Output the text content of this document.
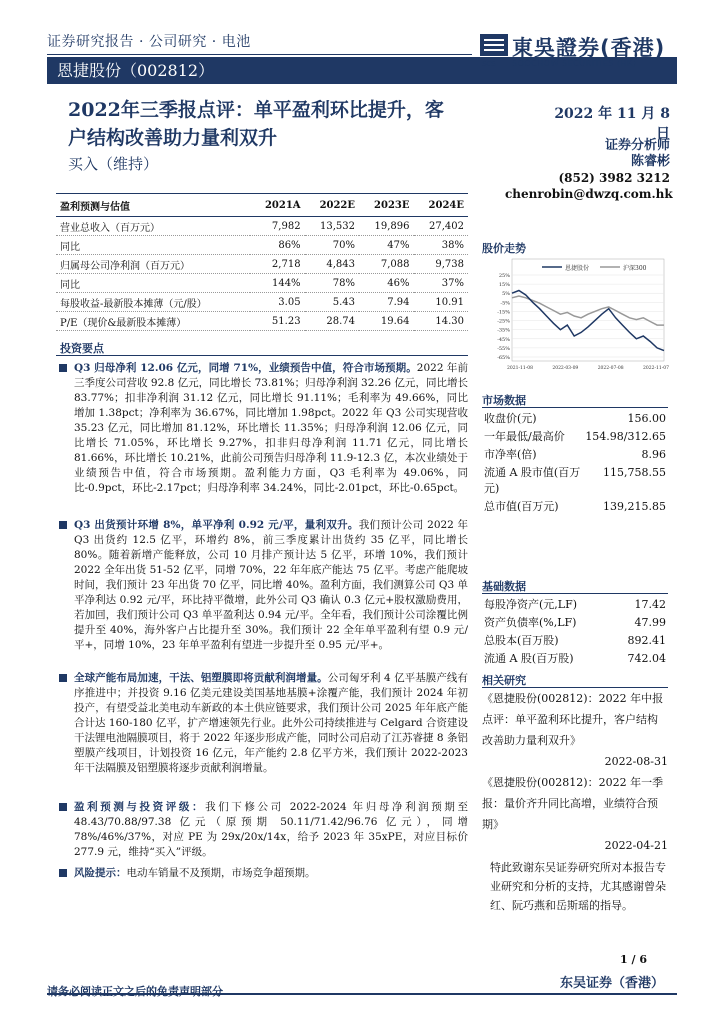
证券研究报告 · 公司研究 · 电池
恩捷股份（002812）	SCS
東吳證券(香港)
SOOCHOW SECURITIES (HK)
2022年三季报点评：单平盈利环比提升，客
户结构改善助力量利双升
买入（维持）
2022 年 11 月 8 日
证券分析师
陈睿彬
(852) 3982 3212
chenrobin@dwzq.com.hk
盈利预测与估值	2021A	2022E	2023E	2024E
营业总收入（百万元）	7,982	13,532	19,896	27,402
同比	86%	70%	47%	38%
归属母公司净利润（百万元）	2,718	4,843	7,088	9,738
同比	144%	78%	46%	37%
每股收益-最新股本摊薄（元/股）	3.05	5.43	7.94	10.91
P/E（现价&最新股本摊薄）	51.23	28.74	19.64	14.30
股价走势
25%
15%
5%
-5%
-15%
-25%
-35%
-45%
-55%
-65%
2021-11-08	2022-03-09	2022-07-08	2022-11-07
恩捷股份	沪深300
市场数据
收盘价(元)	156.00
一年最低/最高价	154.98/312.65
市净率(倍)	8.96
流通 A 股市值(百万元)	115,758.55
总市值(百万元)	139,215.85
基础数据
每股净资产(元,LF)	17.42
资产负债率(%,LF)	47.99
总股本(百万股)	892.41
流通 A 股(百万股)	742.04
相关研究
《恩捷股份(002812)：2022 年中报点评：单平盈利环比提升，客户结构改善助力量利双升》
2022-08-31
《恩捷股份(002812)：2022 年一季报：量价齐升同比高增，业绩符合预期》
2022-04-21
特此致谢东吴证券研究所对本报告专业研究和分析的支持，尤其感谢曾朵红、阮巧燕和岳斯瑶的指导。
投资要点
Q3 归母净利 12.06 亿元，同增 71%，业绩预告中值，符合市场预期。2022 年前三季度公司营收 92.8 亿元，同比增长 73.81%；归母净利润 32.26 亿元，同比增长 83.77%；扣非净利润 31.12 亿元，同比增长 91.11%；毛利率为 49.66%，同比增加 1.38pct；净利率为 36.67%，同比增加 1.98pct。2022 年 Q3 公司实现营收 35.23 亿元，同比增加 81.12%，环比增长 11.35%；归母净利润 12.06 亿元，同比增长 71.05%，环比增长 9.27%，扣非归母净利润 11.71 亿元，同比增长 81.66%，环比增长 10.21%，此前公司预告归母净利 11.9-12.3 亿，本次业绩处于业绩预告中值，符合市场预期。盈利能力方面，Q3 毛利率为 49.06%，同比-0.9pct，环比-2.17pct；归母净利率 34.24%，同比-2.01pct，环比-0.65pct。
Q3 出货预计环增 8%，单平净利 0.92 元/平，量利双升。我们预计公司 2022 年 Q3 出货约 12.5 亿平，环增约 8%，前三季度累计出货约 35 亿平，同比增长 80%。随着新增产能释放，公司 10 月排产预计达 5 亿平，环增 10%，我们预计 2022 全年出货 51-52 亿平，同增 70%，22 年年底产能达 75 亿平。考虑产能爬坡时间，我们预计 23 年出货 70 亿平，同比增 40%。盈利方面，我们测算公司 Q3 单平净利达 0.92 元/平，环比持平微增，此外公司 Q3 确认 0.3 亿元+股权激励费用，若加回，我们预计公司 Q3 单平盈利达 0.94 元/平。全年看，我们预计公司涂覆比例提升至 40%，海外客户占比提升至 30%。我们预计 22 全年单平盈利有望 0.9 元/平+，同增 10%，23 年单平盈利有望进一步提升至 0.95 元/平+。
全球产能布局加速，干法、铝塑膜即将贡献利润增量。公司匈牙利 4 亿平基膜产线有序推进中；并投资 9.16 亿美元建设美国基地基膜+涂覆产能，我们预计 2024 年初投产，有望受益北美电动车新政的本土供应链要求，我们预计公司 2025 年年底产能合计达 160-180 亿平，扩产增速领先行业。此外公司持续推进与 Celgard 合资建设干法锂电池隔膜项目，将于 2022 年逐步形成产能，同时公司启动了江苏睿捷 8 条铝塑膜产线项目，计划投资 16 亿元，年产能约 2.8 亿平方米，我们预计 2022-2023 年干法隔膜及铝塑膜将逐步贡献利润增量。
盈利预测与投资评级：我们下修公司 2022-2024 年归母净利润预期至 48.43/70.88/97.38 亿元（原预期 50.11/71.42/96.76 亿元），同增 78%/46%/37%，对应 PE 为 29x/20x/14x，给予 2023 年 35xPE，对应目标价 277.9 元，维持“买入”评级。
风险提示：电动车销量不及预期，市场竞争超预期。
1 / 6
东吴证券（香港）
请务必阅读正文之后的免责声明部分
